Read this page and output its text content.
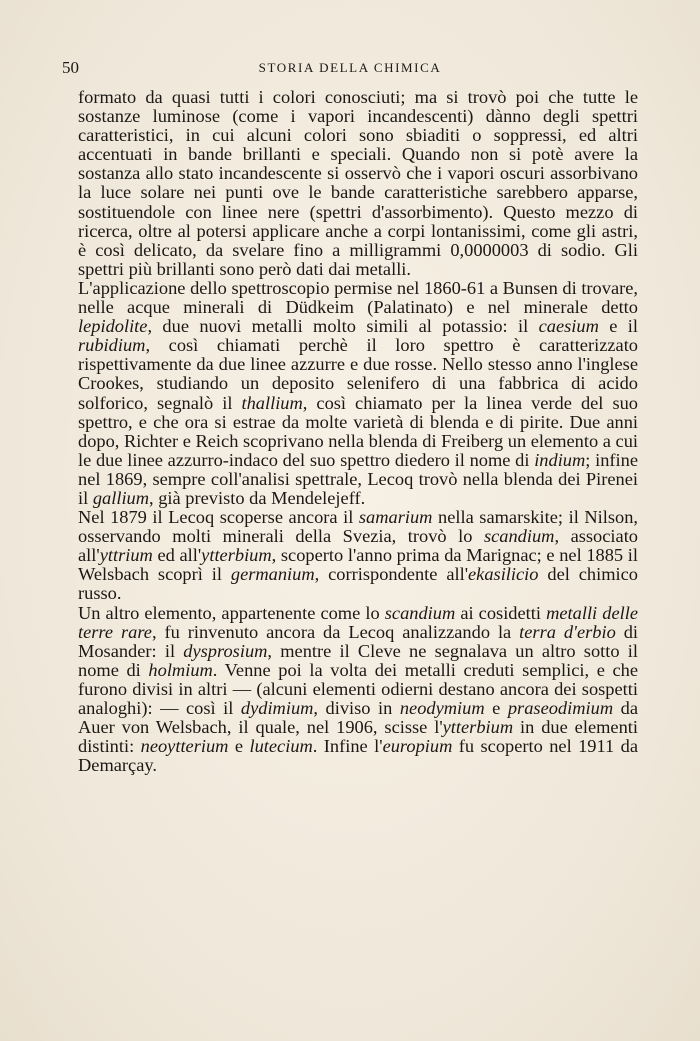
50	STORIA DELLA CHIMICA

formato da quasi tutti i colori conosciuti; ma si trovò poi che tutte le sostanze luminose (come i vapori incandescenti) dànno degli spettri caratteristici, in cui alcuni colori sono sbiaditi o soppressi, ed altri accentuati in bande brillanti e speciali. Quando non si potè avere la sostanza allo stato incandescente si osservò che i vapori oscuri assorbivano la luce solare nei punti ove le bande caratteristiche sarebbero apparse, sostituendole con linee nere (spettri d'assorbimento). Questo mezzo di ricerca, oltre al potersi applicare anche a corpi lontanissimi, come gli astri, è così delicato, da svelare fino a milligrammi 0,0000003 di sodio. Gli spettri più brillanti sono però dati dai metalli.

L'applicazione dello spettroscopio permise nel 1860-61 a Bunsen di trovare, nelle acque minerali di Düdkeim (Palatinato) e nel minerale detto lepidolite, due nuovi metalli molto simili al potassio: il caesium e il rubidium, così chiamati perchè il loro spettro è caratterizzato rispettivamente da due linee azzurre e due rosse. Nello stesso anno l'inglese Crookes, studiando un deposito selenifero di una fabbrica di acido solforico, segnalò il thallium, così chiamato per la linea verde del suo spettro, e che ora si estrae da molte varietà di blenda e di pirite. Due anni dopo, Richter e Reich scoprivano nella blenda di Freiberg un elemento a cui le due linee azzurro-indaco del suo spettro diedero il nome di indium; infine nel 1869, sempre coll'analisi spettrale, Lecoq trovò nella blenda dei Pirenei il gallium, già previsto da Mendelejeff.

Nel 1879 il Lecoq scoperse ancora il samarium nella samarskite; il Nilson, osservando molti minerali della Svezia, trovò lo scandium, associato all'yttrium ed all'ytterbium, scoperto l'anno prima da Marignac; e nel 1885 il Welsbach scoprì il germanium, corrispondente all'ekasilicio del chimico russo.

Un altro elemento, appartenente come lo scandium ai cosidetti metalli delle terre rare, fu rinvenuto ancora da Lecoq analizzando la terra d'erbio di Mosander: il dysprosium, mentre il Cleve ne segnalava un altro sotto il nome di holmium. Venne poi la volta dei metalli creduti semplici, e che furono divisi in altri — (alcuni elementi odierni destano ancora dei sospetti analoghi): — così il dydimium, diviso in neodymium e praseodimium da Auer von Welsbach, il quale, nel 1906, scisse l'ytterbium in due elementi distinti: neoytterium e lutecium. Infine l'europium fu scoperto nel 1911 da Demarçay.
